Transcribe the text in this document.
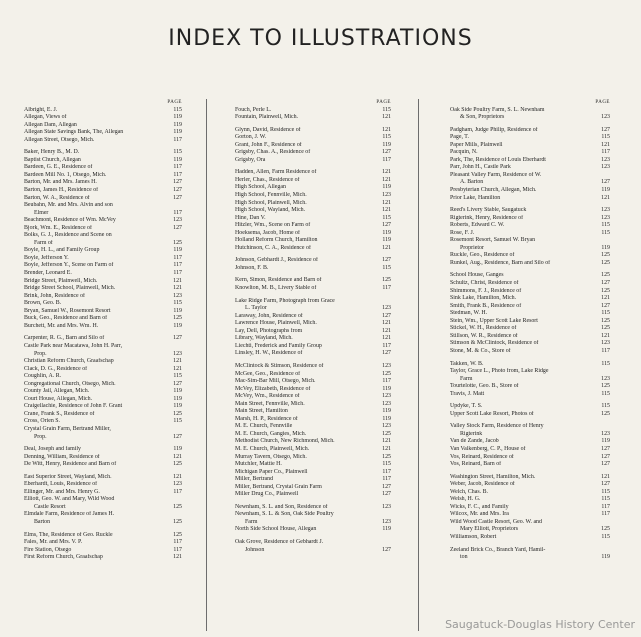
INDEX TO ILLUSTRATIONS
PAGE
Albright, E. J.	115
Allegan, Views of	119
Allegan Dam, Allegan	119
Allegan State Savings Bank, The, Allegan	119
Allegan Street, Otsego, Mich.	117
Baker, Henry B., M. D.	115
Baptist Church, Allegan	119
Bardeen, G. E., Residence of	117
Bardeen Mill No. 1, Otsego, Mich.	117
Barton, Mr. and Mrs. James H.	127
Barton, James H., Residence of	127
Barton, W. A., Residence of	127
Beubahn, Mr. and Mrs. Alvin and son
Elmer	117
Beachmont, Residence of Wm. McVey	123
Bjork, Wm. E., Residence of	127
Bolks, G. J., Residence and Scene on
Farm of	125
Boyle, H. L., and Family Group	119
Boyle, Jefferson Y.	117
Boyle, Jefferson Y., Scene on Farm of	117
Brender, Leonard E.	117
Bridge Street, Plainwell, Mich.	121
Bridge Street School, Plainwell, Mich.	121
Brink, John, Residence of	123
Brown, Geo. B.	115
Bryan, Samuel W., Rosemont Resort	119
Buck, Geo., Residence and Barn of	125
Burchett, Mr. and Mrs. Wm. H.	119
Carpenter, R. G., Barn and Silo of	127
Castle Park near Macatawa, John H. Parr,
Prop.	123
Christian Reform Church, Graafschap	121
Clack, D. G., Residence of	121
Coughlin, A. R.	115
Congregational Church, Otsego, Mich.	127
County Jail, Allegan, Mich.	119
Court House, Allegan, Mich.	119
Craigellachie, Residence of John F. Grant	119
Crane, Frank S., Residence of	125
Cross, Orien S.	115
Crystal Grain Farm, Bertrand Miller,
Prop.	127
Deal, Joseph and family	119
Denning, William, Residence of	121
De Witt, Henry, Residence and Barn of	125
East Superior Street, Wayland, Mich.	121
Eberhardt, Louis, Residence of	123
Ellinger, Mr. and Mrs. Henry G.	117
Elliott, Geo. W. and Mary, Wild Wood
Castle Resort	125
Elmdale Farm, Residence of James H.
Barton	125
Elms, The, Residence of Geo. Ruckle	125
Fales, Mr. and Mrs. V. P.	117
Fire Station, Otsego	117
First Reform Church, Graafschap	121
PAGE
Fouch, Perle L.	115
Fountain, Plainwell, Mich.	121
Glynn, David, Residence of	121
Gorton, J. W.	115
Grant, John F., Residence of	119
Grigsby, Chas. A., Residence of	127
Grigsby, Ora	117
Hadden, Allen, Farm Residence of	121
Herler, Chas., Residence of	121
High School, Allegan	119
High School, Fennville, Mich.	123
High School, Plainwell, Mich.	121
High School, Wayland, Mich.	121
Hine, Dan V.	115
Hitzler, Wm., Scene on Farm of	127
Hoeksema, Jacob, Home of	119
Holland Reform Church, Hamilton	119
Hutchinson, C. A., Residence of	121
Johnson, Gebhardt J., Residence of	127
Johnson, F. B.	115
Kern, Simon, Residence and Barn of	125
Knowlton, M. B., Livery Stable of	117
Lake Ridge Farm, Photograph from Grace
L. Taylor	123
Laraway, John, Residence of	127
Lawrence House, Plainwell, Mich.	121
Lay, Dell, Photographs from	121
Library, Wayland, Mich.	121
Liechti, Frederick and Family Group	117
Linsley, H. W., Residence of	127
McClintock & Stimson, Residence of	123
McGee, Geo., Residence of	125
Mac-Sim-Bar Mill, Otsego, Mich.	117
McVey, Elizabeth, Residence of	119
McVey, Wm., Residence of	123
Main Street, Fennville, Mich.	123
Main Street, Hamilton	119
Marsh, H. P., Residence of	119
M. E. Church, Fennville	123
M. E. Church, Gangies, Mich.	125
Methodist Church, New Richmond, Mich.	121
M. E. Church, Plainwell, Mich.	121
Murray Tavern, Otsego, Mich.	125
Mutchler, Mattie H.	115
Michigan Paper Co., Plainwell	117
Miller, Bertrand	117
Miller, Bertrand, Crystal Grain Farm	127
Miller Drug Co., Plainwell	127
Newnham, S. L. and Son, Residence of	123
Newnham, S. L. & Son, Oak Side Poultry
Farm	123
North Side School House, Allegan	119
Oak Grove, Residence of Gebhardt J.
Johnson	127
PAGE
Oak Side Poultry Farm, S. L. Newnham
& Son, Proprietors	123
Padgham, Judge Philip, Residence of	127
Page, T.	115
Paper Mills, Plainwell	121
Pacquin, N.	117
Park, The, Residence of Louis Eberhardt	123
Parr, John H., Castle Park	123
Pleasant Valley Farm, Residence of W.
A. Barton	127
Presbyterian Church, Allegan, Mich.	119
Prior Lake, Hamilton	121
Reed's Livery Stable, Saugatuck	123
Rigterink, Henry, Residence of	123
Roberts, Edward C. W.	115
Rose, F. J.	115
Rosemont Resort, Samuel W. Bryan
Proprietor	119
Ruckle, Geo., Residence of	125
Runkel, Aug., Residence, Barn and Silo of	125
School House, Ganges	125
Schultz, Christ, Residence of	127
Shimmons, F. J., Residence of	125
Sink Lake, Hamilton, Mich.	121
Smith, Frank B., Residence of	127
Stedman, W. H.	115
Stein, Wm., Upper Scott Lake Resort	125
Stickel, W. H., Residence of	125
Stillson, W. R., Residence of	121
Stimson & McClintock, Residence of	123
Stone, M. & Co., Store of	117
Takken, W. B.	115
Taylor, Grace L., Photo from, Lake Ridge
Farm	123
Tourtelotte, Geo. B., Store of	125
Travis, J. Matt	115
Updyke, T. S.	115
Upper Scott Lake Resort, Photos of	125
Valley Stock Farm, Residence of Henry
Rigterink	123
Van de Zande, Jacob	119
Van Valkenberg, C. P., House of	127
Vos, Reinard, Residence of	127
Vos, Reinard, Barn of	127
Washington Street, Hamilton, Mich.	121
Weber, Jacob, Residence of	127
Welch, Chas. B.	115
Welsh, H. G.	115
Wicks, F. C., and Family	117
Wilcox, Mr. and Mrs. Ira	117
Wild Wood Castle Resort, Geo. W. and
Mary Elliott, Proprietors	125
Williamson, Robert	115
Zeeland Brick Co., Branch Yard, Hamil-
ton	119
Saugatuck-Douglas History Center
